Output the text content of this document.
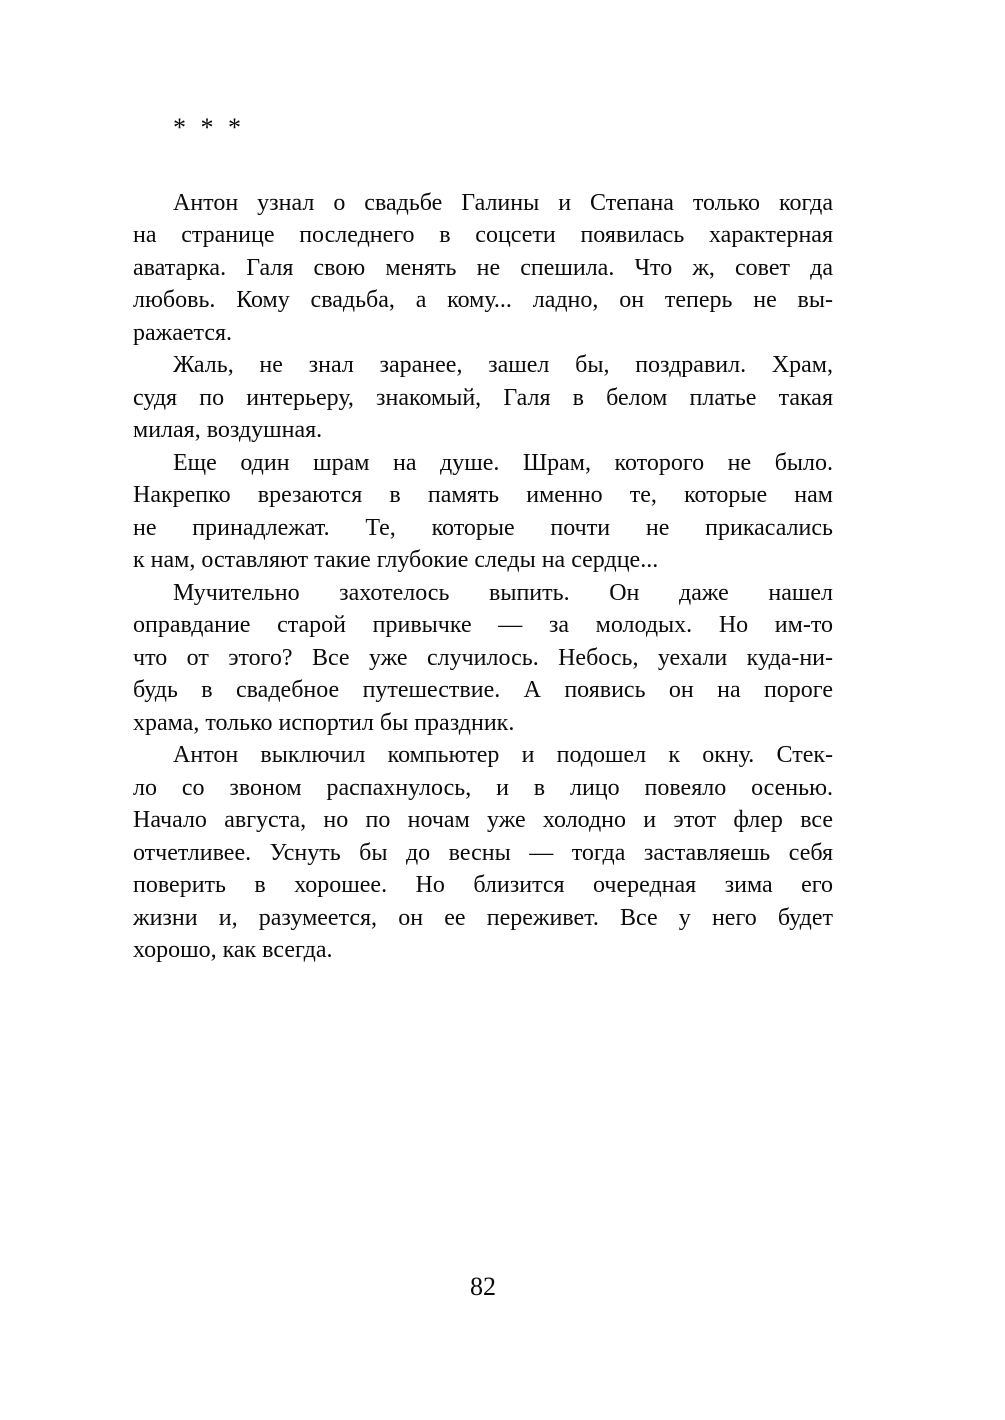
* * *

Антон узнал о свадьбе Галины и Степана только когда
на странице последнего в соцсети появилась характерная
аватарка. Галя свою менять не спешила. Что ж, совет да
любовь. Кому свадьба, а кому... ладно, он теперь не вы-
ражается.

Жаль, не знал заранее, зашел бы, поздравил. Храм,
судя по интерьеру, знакомый, Галя в белом платье такая
милая, воздушная.

Еще один шрам на душе. Шрам, которого не было.
Накрепко врезаются в память именно те, которые нам
не принадлежат. Те, которые почти не прикасались
к нам, оставляют такие глубокие следы на сердце...

Мучительно захотелось выпить. Он даже нашел
оправдание старой привычке — за молодых. Но им-то
что от этого? Все уже случилось. Небось, уехали куда-ни-
будь в свадебное путешествие. А появись он на пороге
храма, только испортил бы праздник.

Антон выключил компьютер и подошел к окну. Стек-
ло со звоном распахнулось, и в лицо повеяло осенью.
Начало августа, но по ночам уже холодно и этот флер все
отчетливее. Уснуть бы до весны — тогда заставляешь себя
поверить в хорошее. Но близится очередная зима его
жизни и, разумеется, он ее переживет. Все у него будет
хорошо, как всегда.

82
